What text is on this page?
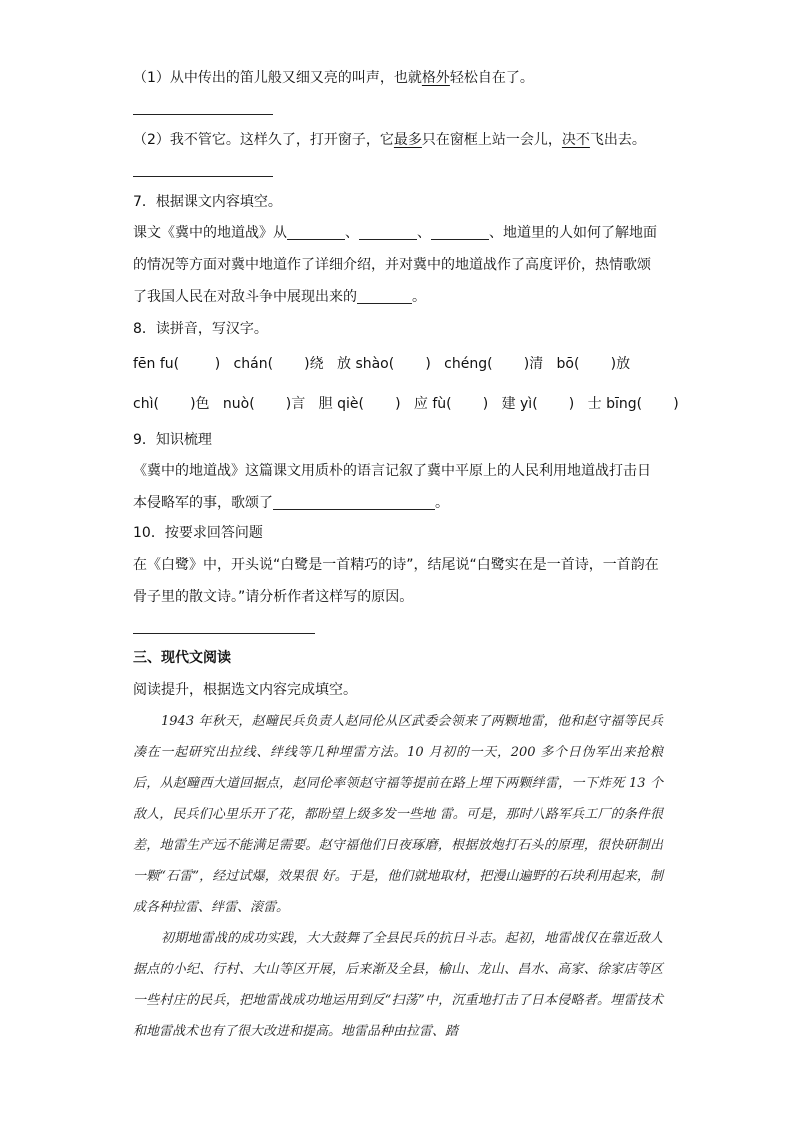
（1）从中传出的笛儿般又细又亮的叫声，也就格外轻松自在了。
（2）我不管它。这样久了，打开窗子，它最多只在窗框上站一会儿，决不飞出去。
7．根据课文内容填空。
课文《冀中的地道战》从	、	、	、地道里的人如何了解地面
的情况等方面对冀中地道作了详细介绍，并对冀中的地道战作了高度评价，热情歌颂
了我国人民在对敌斗争中展现出来的	。
8．读拼音，写汉字。
fēn fu(        )   chán(       )绕   放 shào(       )   chéng(       )清   bō(       )放
chì(       )色   nuò(       )言   胆 qiè(       )   应 fù(       )   建 yì(       )   士 bīng(       )
9．知识梳理
《冀中的地道战》这篇课文用质朴的语言记叙了冀中平原上的人民利用地道战打击日
本侵略军的事，歌颂了	。
10．按要求回答问题
在《白鹭》中，开头说“白鹭是一首精巧的诗”，结尾说“白鹭实在是一首诗，一首韵在
骨子里的散文诗。”请分析作者这样写的原因。
三、现代文阅读
阅读提升，根据选文内容完成填空。

1943 年秋天，赵疃民兵负责人赵同伦从区武委会领来了两颗地雷，他和赵守福等民兵凑在一起研究出拉线、绊线等几种埋雷方法。10 月初的一天，200 多个日伪军出来抢粮后，从赵疃西大道回据点，赵同伦率领赵守福等提前在路上埋下两颗绊雷，一下炸死 13 个敌人，民兵们心里乐开了花，都盼望上级多发一些地 雷。可是，那时八路军兵工厂的条件很差，地雷生产远不能满足需要。赵守福他们日夜琢磨，根据放炮打石头的原理，很快研制出一颗“石雷”，经过试爆，效果很 好。于是，他们就地取材，把漫山遍野的石块利用起来，制成各种拉雷、绊雷、滚雷。

初期地雷战的成功实践，大大鼓舞了全县民兵的抗日斗志。起初，地雷战仅在靠近敌人据点的小纪、行村、大山等区开展，后来渐及全县，榆山、龙山、昌水、高家、徐家店等区一些村庄的民兵，把地雷战成功地运用到反“扫荡”中，沉重地打击了日本侵略者。埋雷技术和地雷战术也有了很大改进和提高。地雷品种由拉雷、踏
